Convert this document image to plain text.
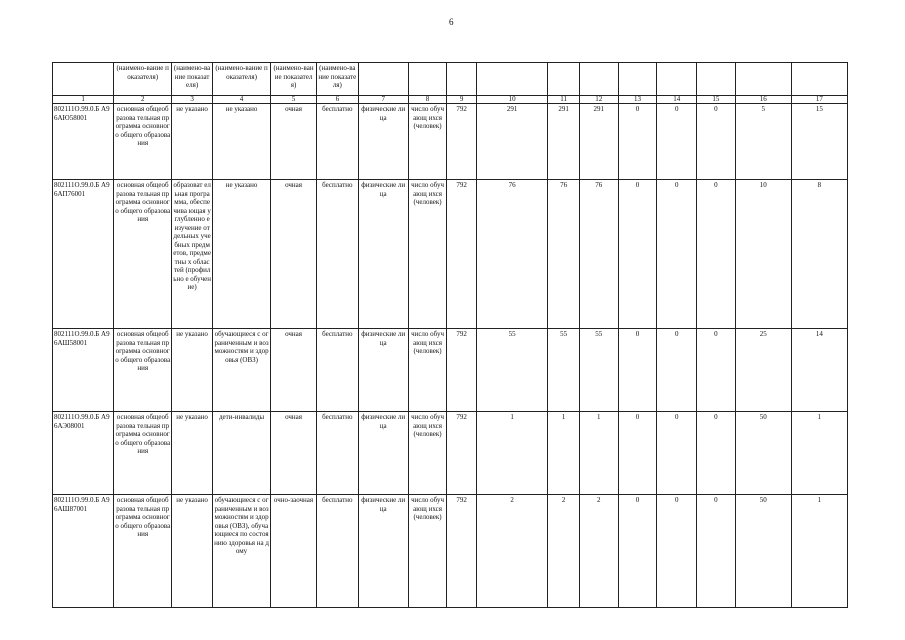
6
	(наимено-вание показателя)	(наимено-вание показателя)	(наимено-вание показателя)	(наимено-вание показателя)	(наимено-вание показателя)											
1	2	3	4	5	6	7	8	9	10	11	12	13	14	15	16	17
802111О.99.0.Б А96АЮ58001	основная общеобразова тельная программа основного общего образования	не указано	не указано	очная	бесплатно	физические лица	число обучающ ихся (человек)	792	291	291	291	0	0	0	5	15
802111О.99.0.Б А96АП76001	основная общеобразова тельная программа основного общего образования	образоват ельная программа, обеспечива ющая углубленно е изучение отдельных учебных предметов, предметны х областей (профильно е обучение)	не указано	очная	бесплатно	физические лица	число обучающ ихся (человек)	792	76	76	76	0	0	0	10	8
802111О.99.0.Б А96АШ58001	основная общеобразова тельная программа основного общего образования	не указано	обучающиеся с ограниченным и возможностям и здоровья (ОВЗ)	очная	бесплатно	физические лица	число обучающ ихся (человек)	792	55	55	55	0	0	0	25	14
802111О.99.0.Б А96АЭ08001	основная общеобразова тельная программа основного общего образования	не указано	дети-инвалиды	очная	бесплатно	физические лица	число обучающ ихся (человек)	792	1	1	1	0	0	0	50	1
802111О.99.0.Б А96АШ87001	основная общеобразова тельная программа основного общего образования	не указано	обучающиеся с ограниченным и возможностям и здоровья (ОВЗ), обучающиеся по состоянию здоровья на дому	очно-заочная	бесплатно	физические лица	число обучающ ихся (человек)	792	2	2	2	0	0	0	50	1
